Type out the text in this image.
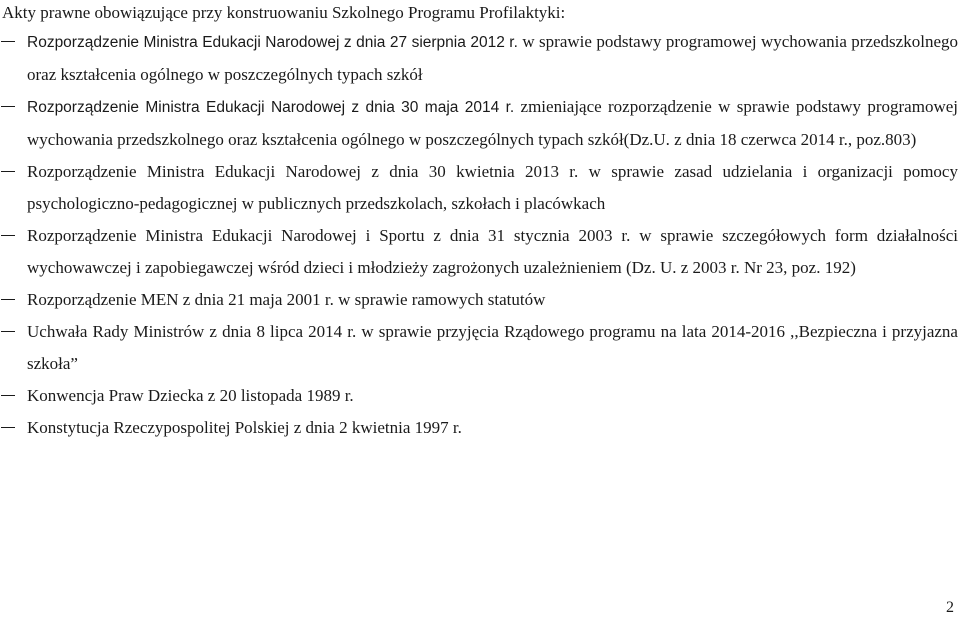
Akty prawne obowiązujące przy konstruowaniu Szkolnego Programu Profilaktyki:
Rozporządzenie Ministra Edukacji Narodowej z dnia 27 sierpnia 2012 r. w sprawie podstawy programowej wychowania przedszkolnego oraz kształcenia ogólnego w poszczególnych typach szkół
Rozporządzenie Ministra Edukacji Narodowej z dnia 30 maja 2014 r. zmieniające rozporządzenie w sprawie podstawy programowej wychowania przedszkolnego oraz kształcenia ogólnego w poszczególnych typach szkół(Dz.U. z dnia 18 czerwca 2014 r., poz.803)
Rozporządzenie Ministra Edukacji Narodowej z dnia 30 kwietnia 2013 r. w sprawie zasad udzielania i organizacji pomocy psychologiczno-pedagogicznej w publicznych przedszkolach, szkołach i placówkach
Rozporządzenie Ministra Edukacji Narodowej i Sportu z dnia 31 stycznia 2003 r. w sprawie szczegółowych form działalności wychowawczej i zapobiegawczej wśród dzieci i młodzieży zagrożonych uzależnieniem (Dz. U. z 2003 r. Nr 23, poz. 192)
Rozporządzenie MEN z dnia 21 maja 2001 r. w sprawie ramowych statutów
Uchwała Rady Ministrów z dnia 8 lipca 2014 r. w sprawie przyjęcia Rządowego programu na lata 2014-2016 ,,Bezpieczna i przyjazna szkoła”
Konwencja Praw Dziecka z 20 listopada 1989 r.
Konstytucja Rzeczypospolitej Polskiej z dnia 2 kwietnia 1997 r.
2
